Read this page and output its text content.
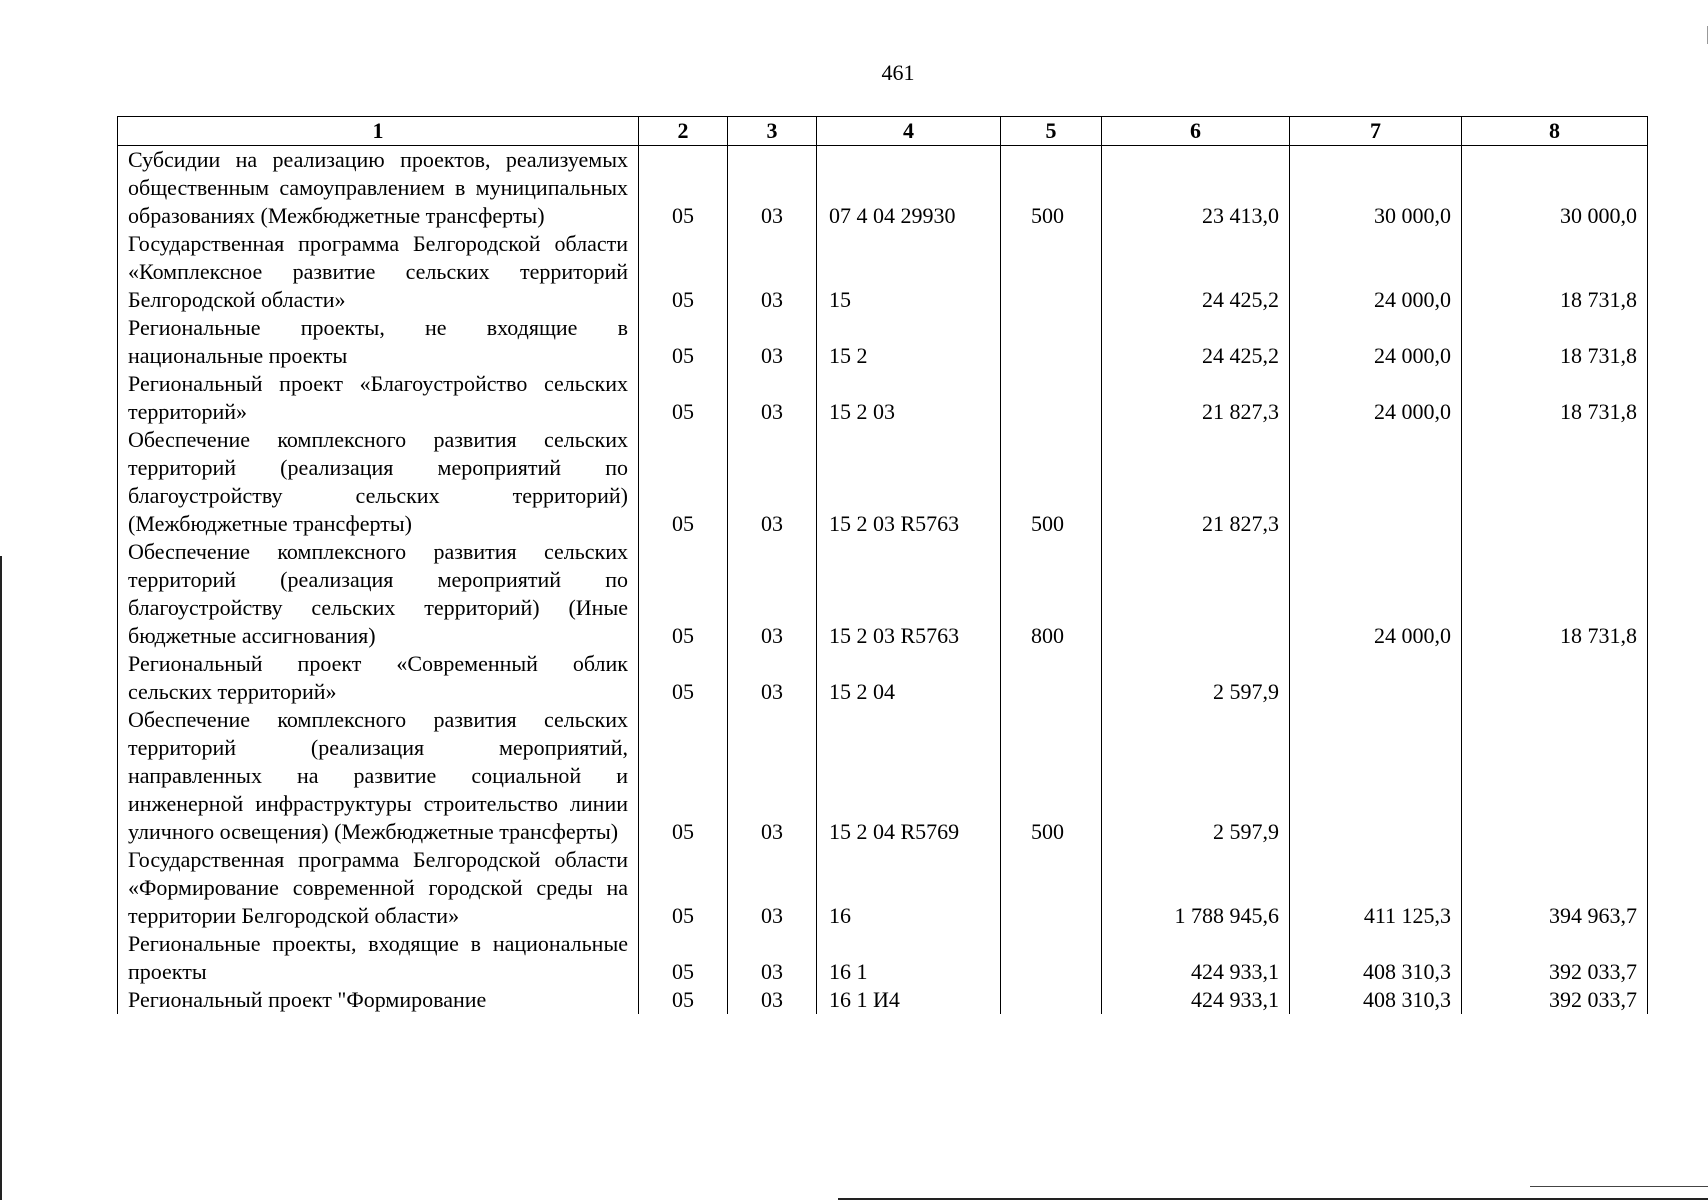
461
1	2	3	4	5	6	7	8
Субсидии на реализацию проектов, реализуемых общественным самоуправлением в муниципальных образованиях (Межбюджетные трансферты)	05	03	07 4 04 29930	500	23 413,0	30 000,0	30 000,0
Государственная программа Белгородской области «Комплексное развитие сельских территорий Белгородской области»	05	03	15		24 425,2	24 000,0	18 731,8
Региональные проекты, не входящие в национальные проекты	05	03	15 2		24 425,2	24 000,0	18 731,8
Региональный проект «Благоустройство сельских территорий»	05	03	15 2 03		21 827,3	24 000,0	18 731,8
Обеспечение комплексного развития сельских территорий (реализация мероприятий по благоустройству сельских территорий) (Межбюджетные трансферты)	05	03	15 2 03 R5763	500	21 827,3		
Обеспечение комплексного развития сельских территорий (реализация мероприятий по благоустройству сельских территорий) (Иные бюджетные ассигнования)	05	03	15 2 03 R5763	800		24 000,0	18 731,8
Региональный проект «Современный облик сельских территорий»	05	03	15 2 04		2 597,9		
Обеспечение комплексного развития сельских территорий (реализация мероприятий, направленных на развитие социальной и инженерной инфраструктуры строительство линии уличного освещения) (Межбюджетные трансферты)	05	03	15 2 04 R5769	500	2 597,9		
Государственная программа Белгородской области «Формирование современной городской среды на территории Белгородской области»	05	03	16		1 788 945,6	411 125,3	394 963,7
Региональные проекты, входящие в национальные проекты	05	03	16 1		424 933,1	408 310,3	392 033,7
Региональный проект "Формирование	05	03	16 1 И4		424 933,1	408 310,3	392 033,7
